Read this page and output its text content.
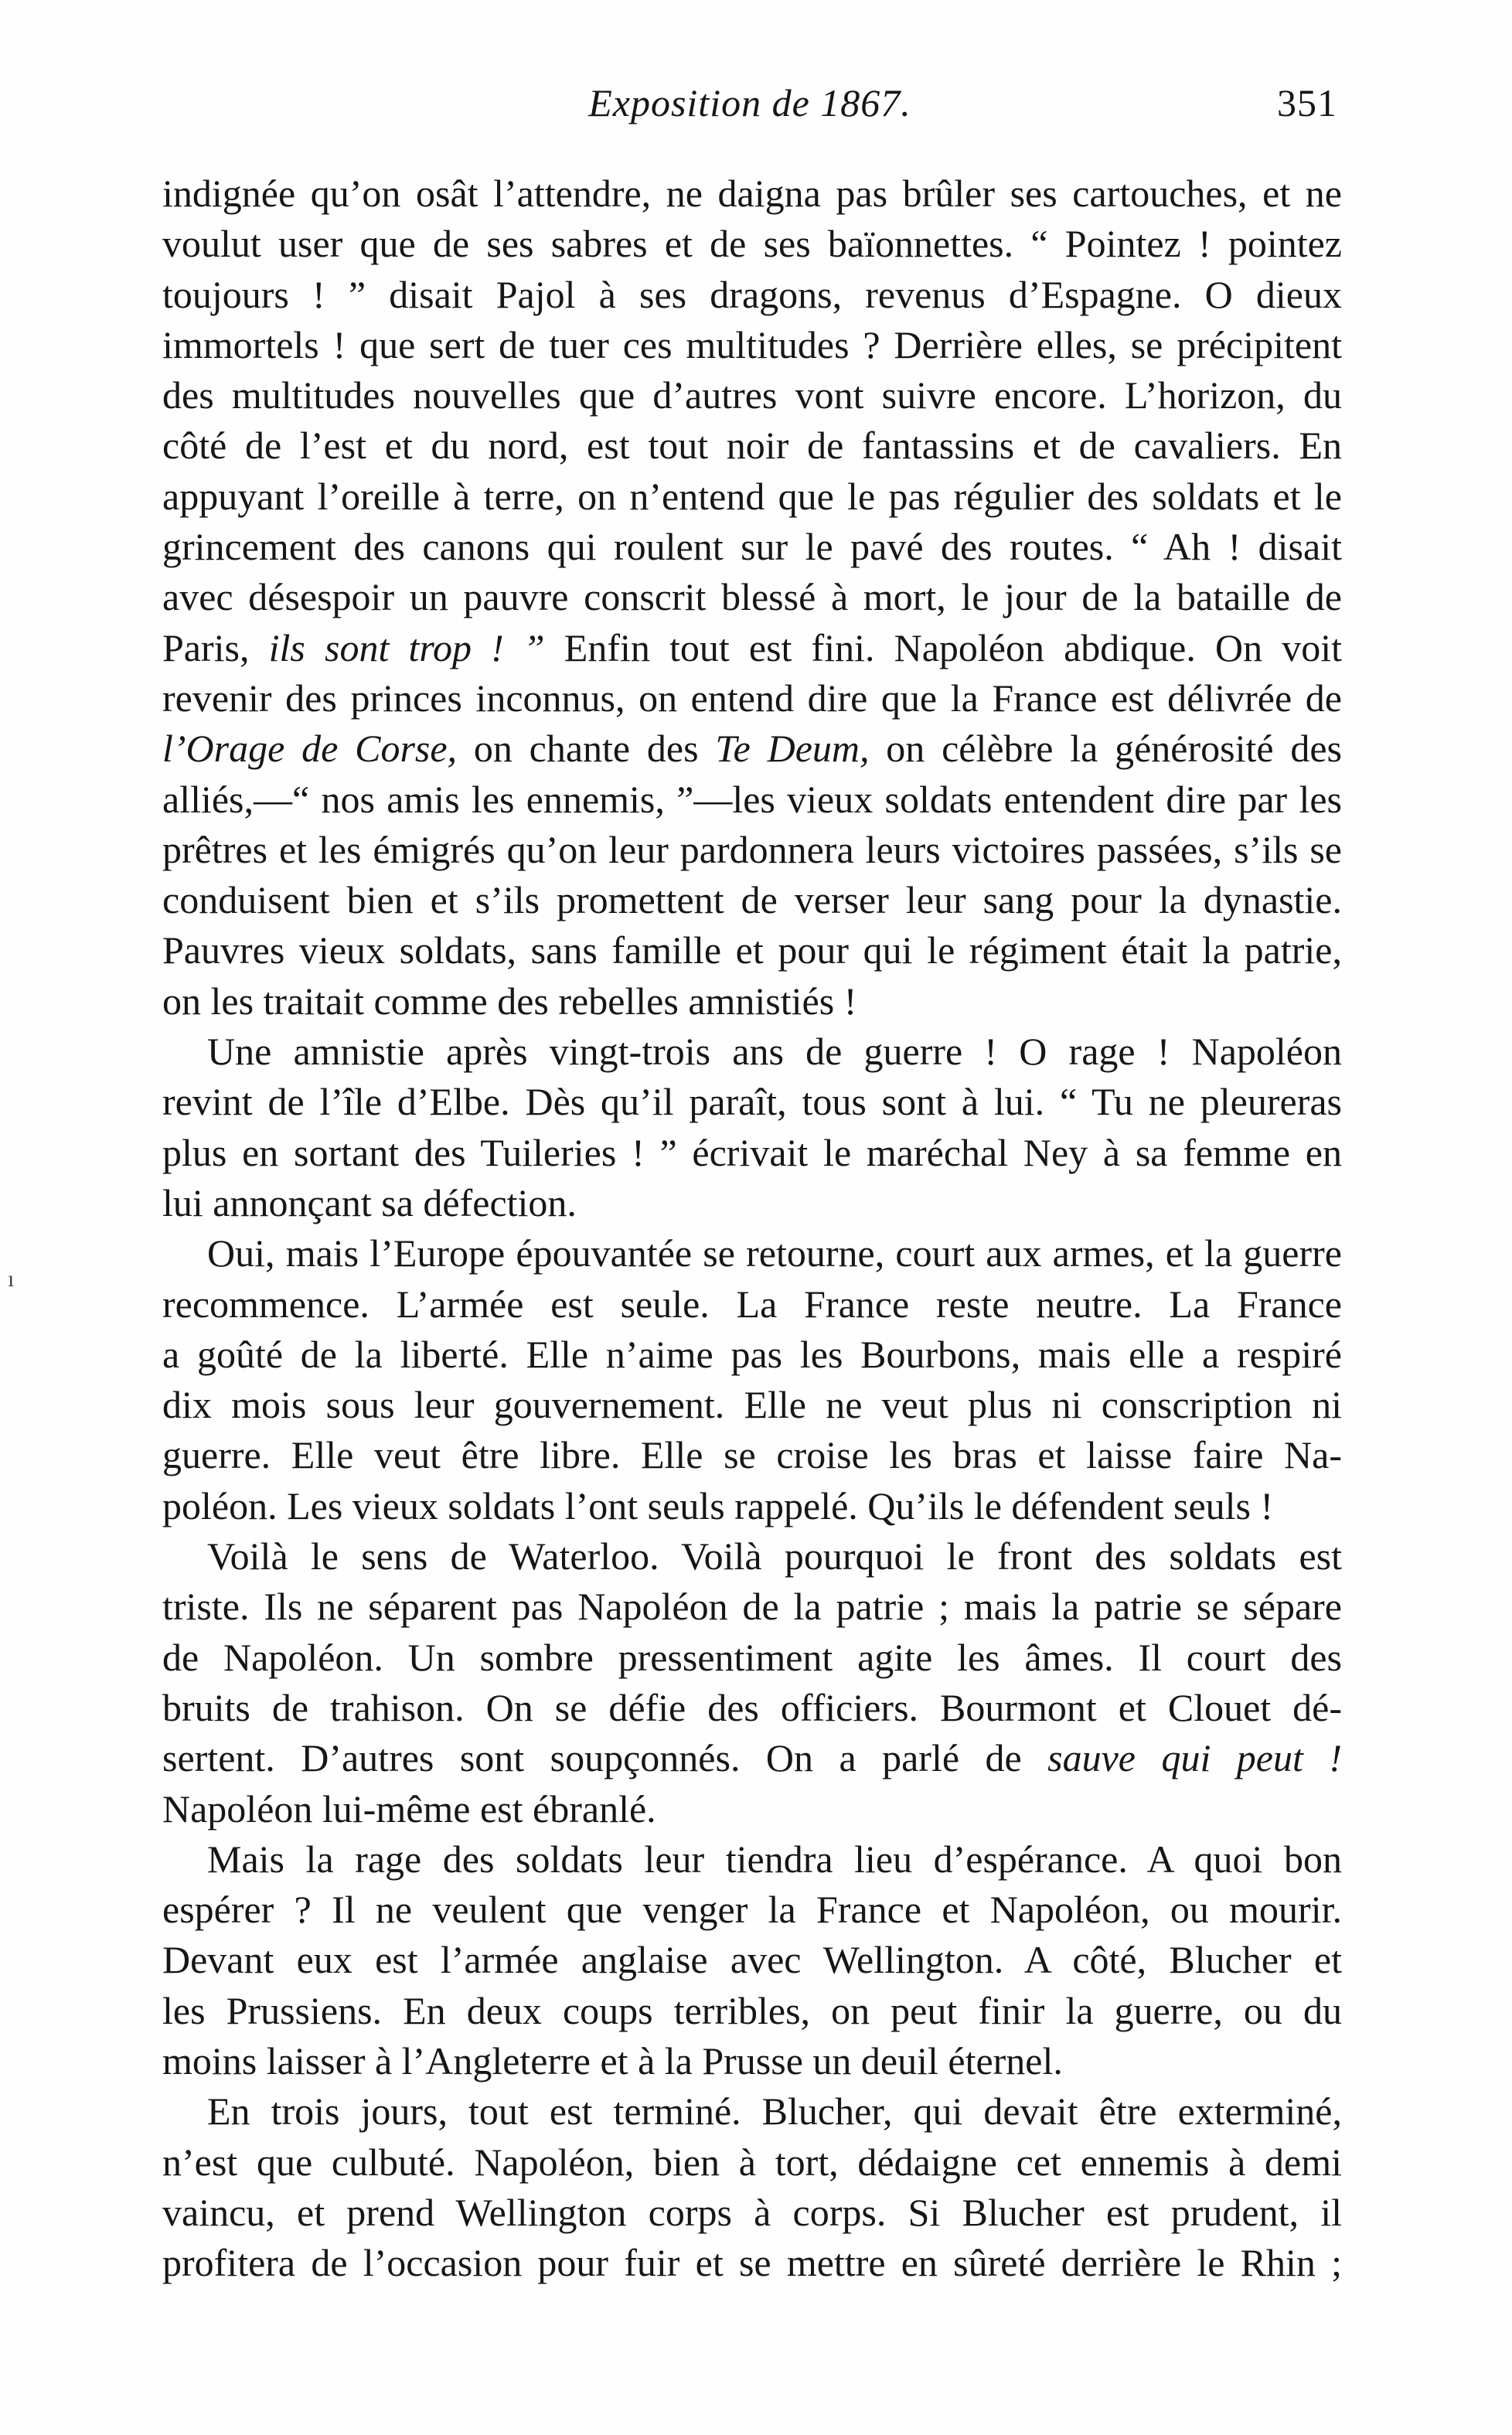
Exposition de 1867.	351
ı

indignée qu’on osât l’attendre, ne daigna pas brûler ses cartouches, et ne

voulut user que de ses sabres et de ses baïonnettes. “ Pointez ! pointez

toujours ! ” disait Pajol à ses dragons, revenus d’Espagne. O dieux

immortels ! que sert de tuer ces multitudes ? Derrière elles, se précipitent

des multitudes nouvelles que d’autres vont suivre encore. L’horizon, du

côté de l’est et du nord, est tout noir de fantassins et de cavaliers. En

appuyant l’oreille à terre, on n’entend que le pas régulier des soldats et le

grincement des canons qui roulent sur le pavé des routes. “ Ah ! disait

avec désespoir un pauvre conscrit blessé à mort, le jour de la bataille de

Paris, ils sont trop ! ” Enfin tout est fini. Napoléon abdique. On voit

revenir des princes inconnus, on entend dire que la France est délivrée de

l’Orage de Corse, on chante des Te Deum, on célèbre la générosité des

alliés,—“ nos amis les ennemis, ”—les vieux soldats entendent dire par les

prêtres et les émigrés qu’on leur pardonnera leurs victoires passées, s’ils se

conduisent bien et s’ils promettent de verser leur sang pour la dynastie.

Pauvres vieux soldats, sans famille et pour qui le régiment était la patrie,

on les traitait comme des rebelles amnistiés !

Une amnistie après vingt-trois ans de guerre ! O rage ! Napoléon

revint de l’île d’Elbe. Dès qu’il paraît, tous sont à lui. “ Tu ne pleureras

plus en sortant des Tuileries ! ” écrivait le maréchal Ney à sa femme en

lui annonçant sa défection.

Oui, mais l’Europe épouvantée se retourne, court aux armes, et la guerre

recommence. L’armée est seule. La France reste neutre. La France

a goûté de la liberté. Elle n’aime pas les Bourbons, mais elle a respiré

dix mois sous leur gouvernement. Elle ne veut plus ni conscription ni

guerre. Elle veut être libre. Elle se croise les bras et laisse faire Na-

poléon. Les vieux soldats l’ont seuls rappelé. Qu’ils le défendent seuls !

Voilà le sens de Waterloo. Voilà pourquoi le front des soldats est

triste. Ils ne séparent pas Napoléon de la patrie ; mais la patrie se sépare

de Napoléon. Un sombre pressentiment agite les âmes. Il court des

bruits de trahison. On se défie des officiers. Bourmont et Clouet dé-

sertent. D’autres sont soupçonnés. On a parlé de sauve qui peut !

Napoléon lui-même est ébranlé.

Mais la rage des soldats leur tiendra lieu d’espérance. A quoi bon

espérer ? Il ne veulent que venger la France et Napoléon, ou mourir.

Devant eux est l’armée anglaise avec Wellington. A côté, Blucher et

les Prussiens. En deux coups terribles, on peut finir la guerre, ou du

moins laisser à l’Angleterre et à la Prusse un deuil éternel.

En trois jours, tout est terminé. Blucher, qui devait être exterminé,

n’est que culbuté. Napoléon, bien à tort, dédaigne cet ennemis à demi

vaincu, et prend Wellington corps à corps. Si Blucher est prudent, il

profitera de l’occasion pour fuir et se mettre en sûreté derrière le Rhin ;
